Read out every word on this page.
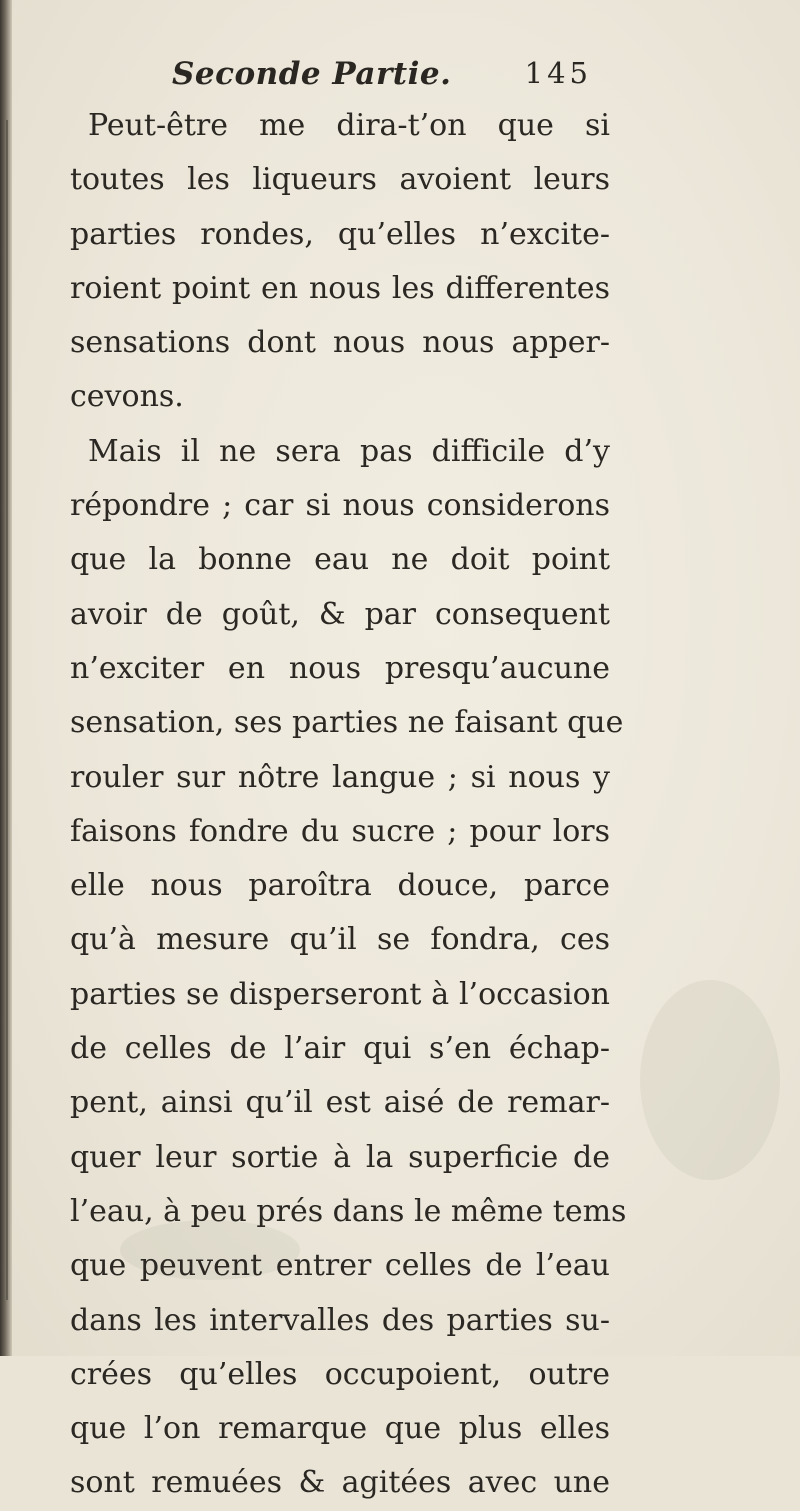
Seconde Partie.	145
Peut-être me dira-t’on que si
toutes les liqueurs avoient leurs
parties rondes, qu’elles n’excite-
roient point en nous les differentes
sensations dont nous nous apper-
cevons.
Mais il ne sera pas difficile d’y
répondre ; car si nous considerons
que la bonne eau ne doit point
avoir de goût, & par consequent
n’exciter en nous presqu’aucune
sensation, ses parties ne faisant que
rouler sur nôtre langue ; si nous y
faisons fondre du sucre ; pour lors
elle nous paroîtra douce, parce
qu’à mesure qu’il se fondra, ces
parties se disperseront à l’occasion
de celles de l’air qui s’en échap-
pent, ainsi qu’il est aisé de remar-
quer leur sortie à la superficie de
l’eau, à peu prés dans le même tems
que peuvent entrer celles de l’eau
dans les intervalles des parties su-
crées qu’elles occupoient, outre
que l’on remarque que plus elles
sont remuées & agitées avec une
